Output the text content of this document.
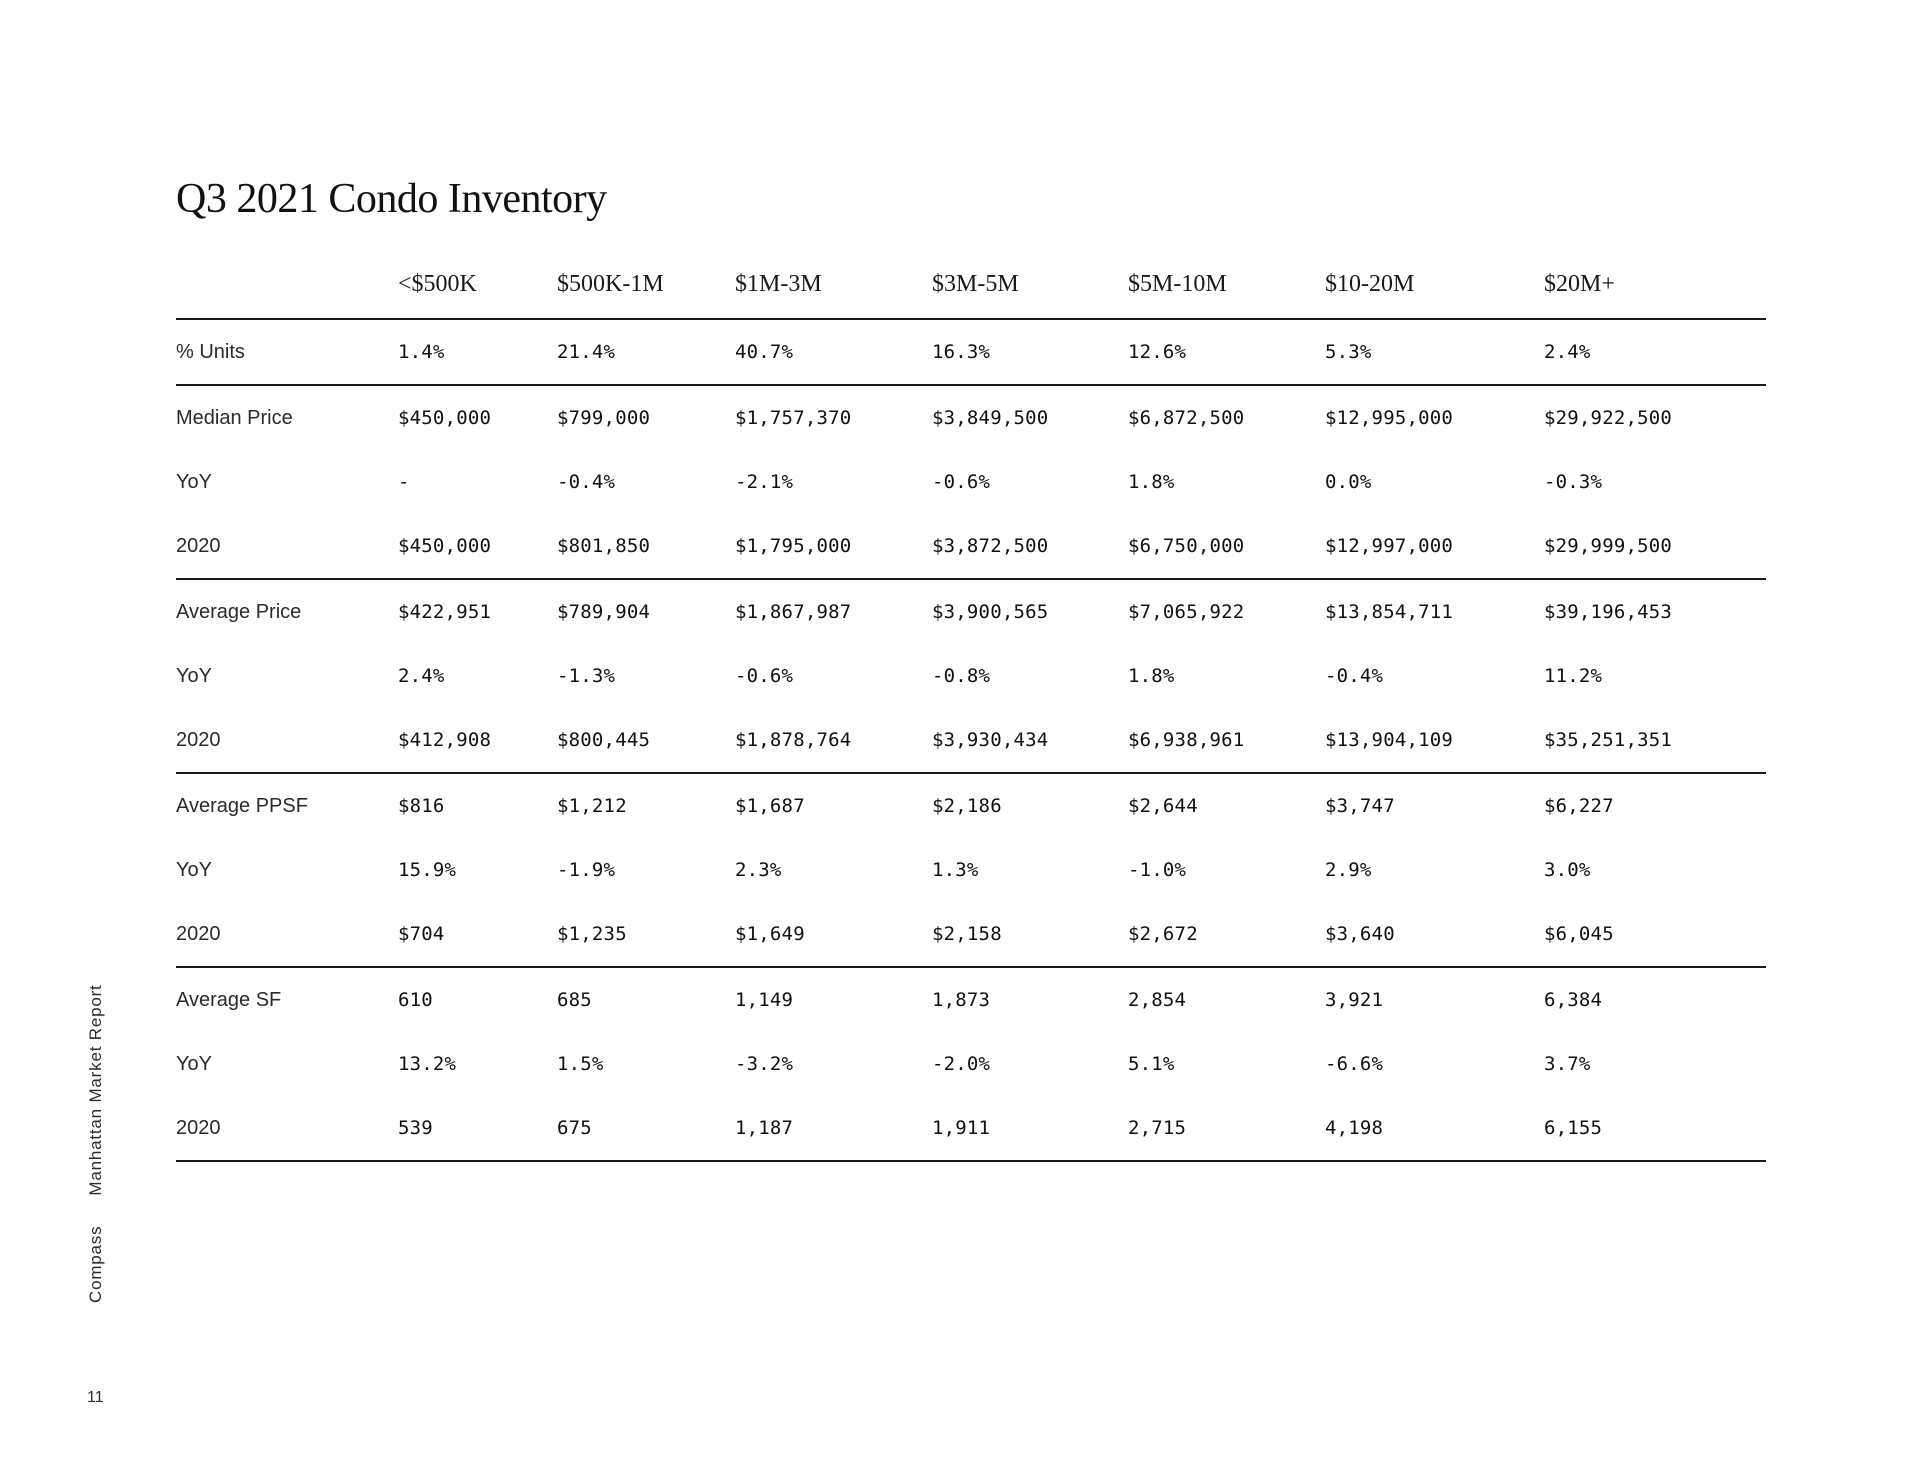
Q3 2021 Condo Inventory
	<$500K	$500K-1M	$1M-3M	$3M-5M	$5M-10M	$10-20M	$20M+
% Units	1.4%	21.4%	40.7%	16.3%	12.6%	5.3%	2.4%
Median Price	$450,000	$799,000	$1,757,370	$3,849,500	$6,872,500	$12,995,000	$29,922,500
YoY	-	-0.4%	-2.1%	-0.6%	1.8%	0.0%	-0.3%
2020	$450,000	$801,850	$1,795,000	$3,872,500	$6,750,000	$12,997,000	$29,999,500
Average Price	$422,951	$789,904	$1,867,987	$3,900,565	$7,065,922	$13,854,711	$39,196,453
YoY	2.4%	-1.3%	-0.6%	-0.8%	1.8%	-0.4%	11.2%
2020	$412,908	$800,445	$1,878,764	$3,930,434	$6,938,961	$13,904,109	$35,251,351
Average PPSF	$816	$1,212	$1,687	$2,186	$2,644	$3,747	$6,227
YoY	15.9%	-1.9%	2.3%	1.3%	-1.0%	2.9%	3.0%
2020	$704	$1,235	$1,649	$2,158	$2,672	$3,640	$6,045
Average SF	610	685	1,149	1,873	2,854	3,921	6,384
YoY	13.2%	1.5%	-3.2%	-2.0%	5.1%	-6.6%	3.7%
2020	539	675	1,187	1,911	2,715	4,198	6,155
Compass
Manhattan Market Report
11
